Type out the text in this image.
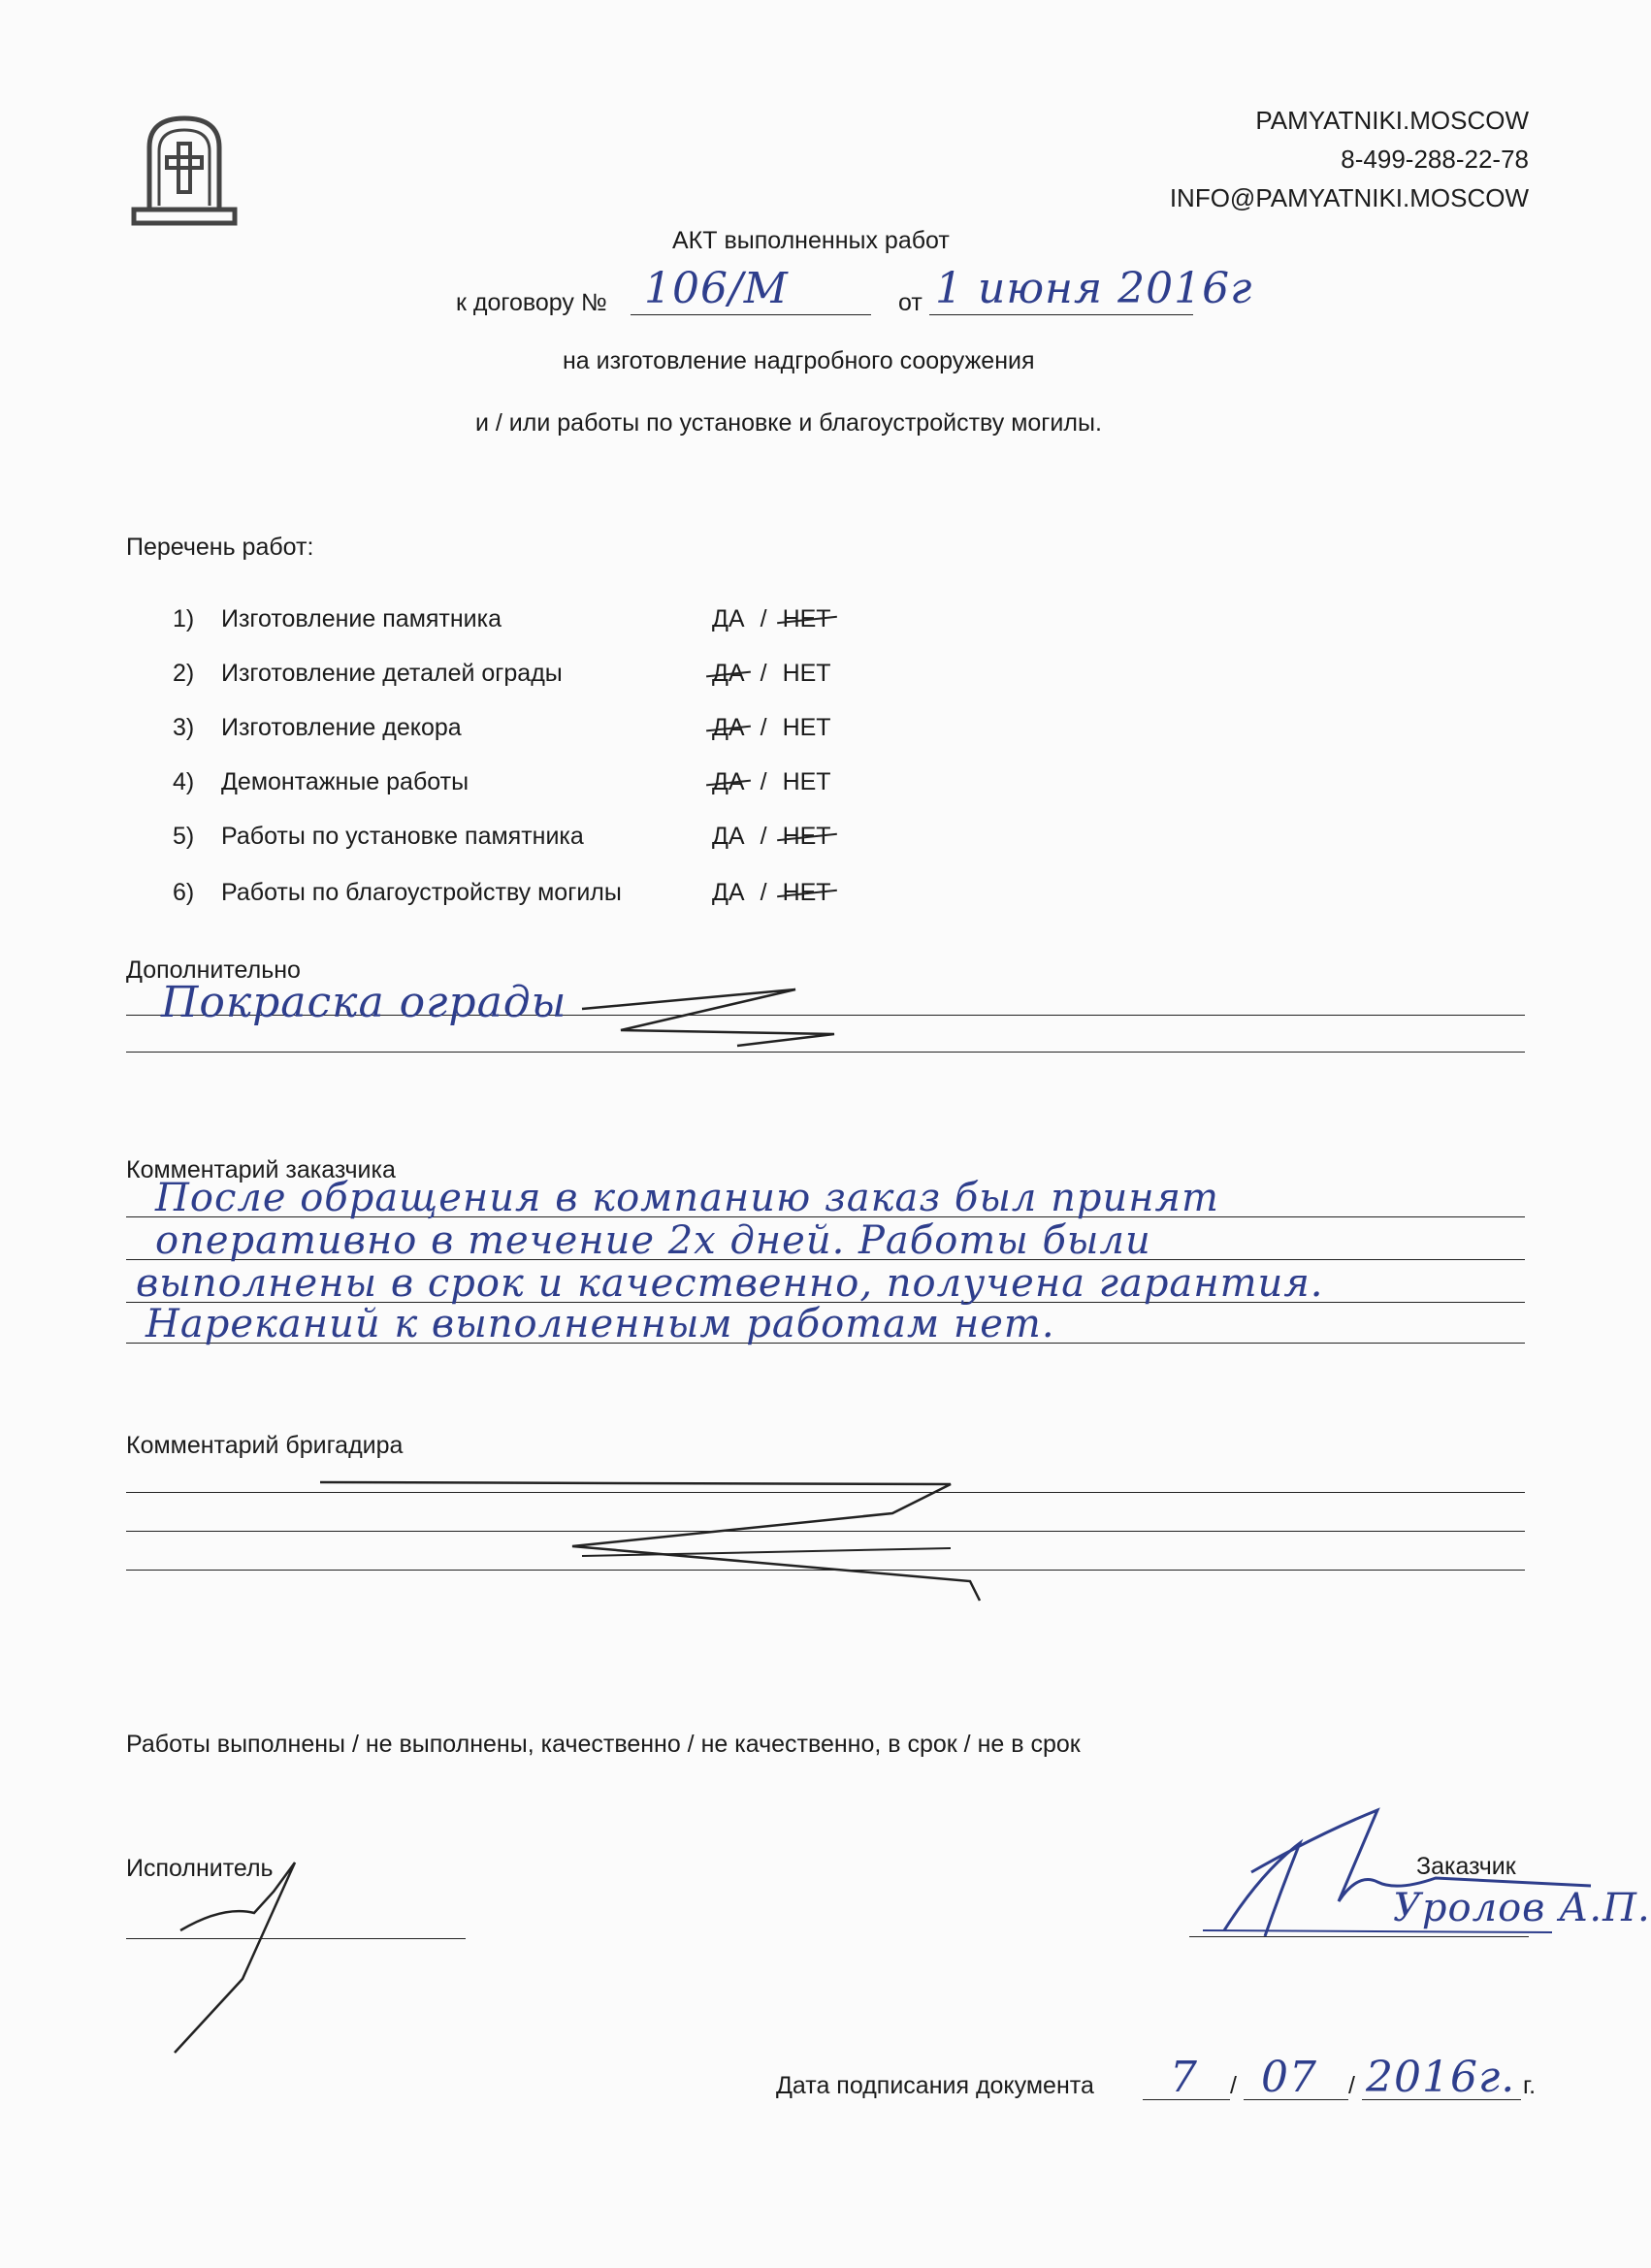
PAMYATNIKI.MOSCOW
8-499-288-22-78
INFO@PAMYATNIKI.MOSCOW
АКТ выполненных работ
к договору № 106/M	от 1 июня 2016г
на изготовление надгробного сооружения
и / или работы по установке и благоустройству могилы.
Перечень работ:
1) Изготовление памятника	ДА / НЕТ
2) Изготовление деталей ограды	ДА / НЕТ
3) Изготовление декора	ДА / НЕТ
4) Демонтажные работы	ДА / НЕТ
5) Работы по установке памятника	ДА / НЕТ
6) Работы по благоустройству могилы	ДА / НЕТ
Дополнительно
Покраска ограды
Комментарий заказчика
После обращения в компанию заказ был принят
оперативно в течение 2х дней. Работы были
выполнены в срок и качественно, получена гарантия.
Нареканий к выполненным работам нет.
Комментарий бригадира
Работы выполнены / не выполнены, качественно / не качественно, в срок / не в срок
Исполнитель	Заказчик
Уролов А.П.
Дата подписания документа 7 / 07 / 2016г. г.
